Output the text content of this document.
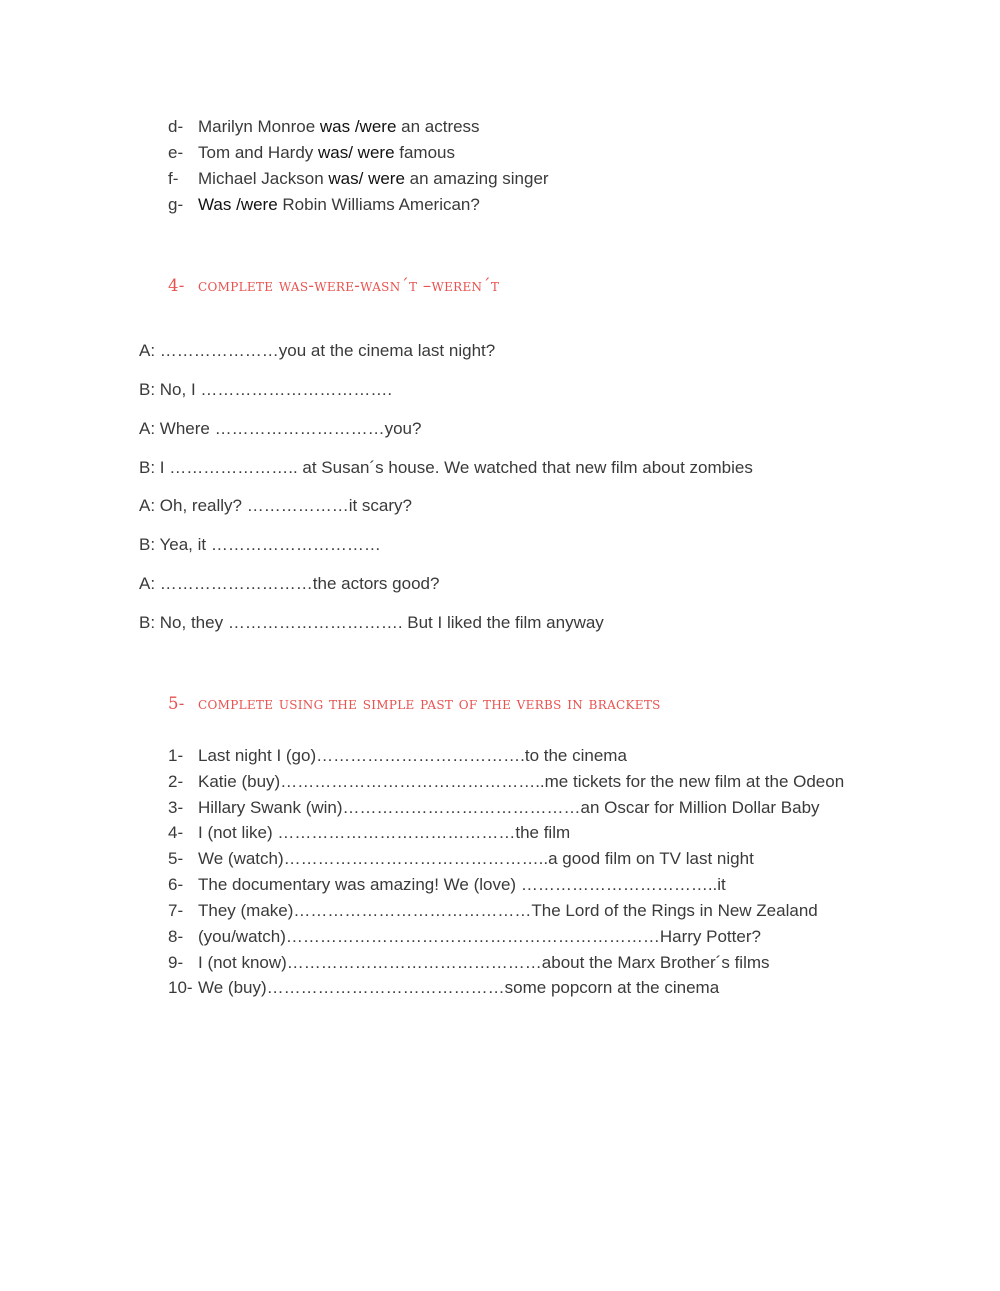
d- Marilyn Monroe was /were an actress
e- Tom and Hardy was/ were famous
f- Michael Jackson was/ were an amazing singer
g- Was /were Robin Williams American?
4- complete was-were-wasn´t –weren´t
A: …………………you at the cinema last night?
B: No, I …………………………….
A: Where …………………………you?
B: I ………………….. at Susan´s house. We watched that new film about zombies
A: Oh, really? ………………it scary?
B: Yea, it …………………………
A: ………………………the actors good?
B: No, they …………………………. But I liked the film anyway
5- complete using the simple past of the verbs in brackets
1- Last night I (go)……………………………….to the cinema
2- Katie (buy)………………………………………..me tickets for the new film at the Odeon
3- Hillary Swank (win)……………………………………an Oscar for Million Dollar Baby
4- I (not like) ……………………………………the film
5- We (watch)………………………………………..a good film on TV last night
6- The documentary was amazing! We (love) ……………………………..it
7- They (make)……………………………………The Lord of the Rings in New Zealand
8- (you/watch)…………………………………………………………Harry Potter?
9- I (not know)………………………………………about the Marx Brother´s films
10- We (buy)……………………………………some popcorn at the cinema
